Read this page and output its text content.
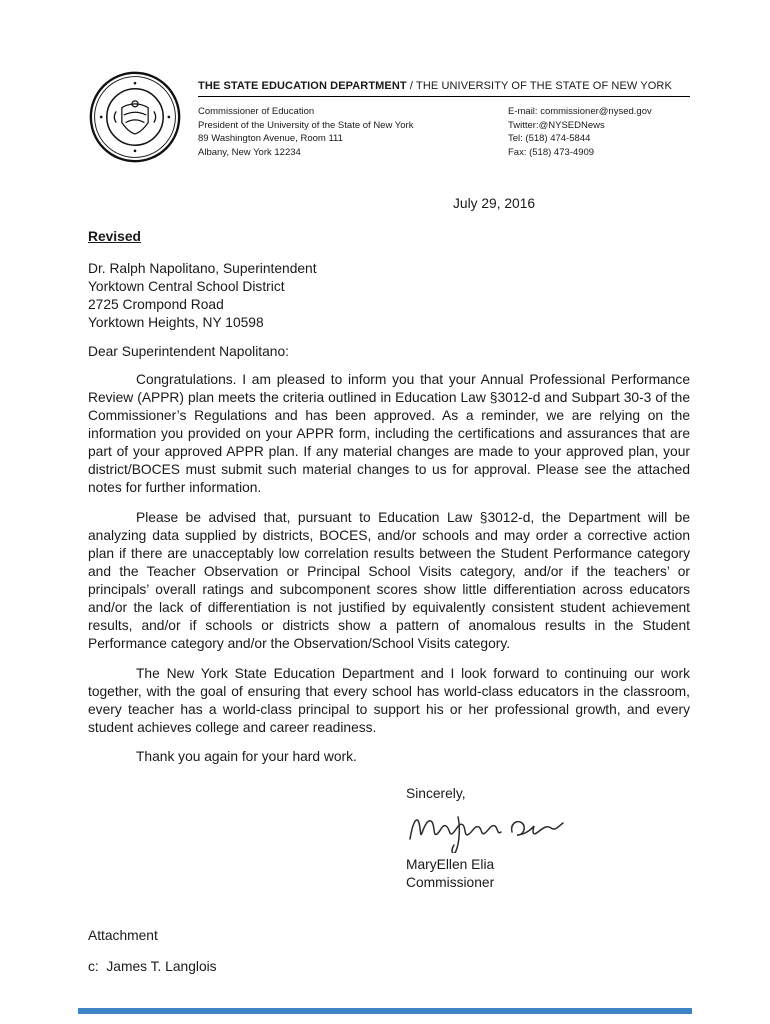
THE STATE EDUCATION DEPARTMENT / THE UNIVERSITY OF THE STATE OF NEW YORK
Commissioner of Education
President of the University of the State of New York
89 Washington Avenue, Room 111
Albany, New York 12234
E-mail: commissioner@nysed.gov
Twitter:@NYSEDNews
Tel: (518) 474-5844
Fax: (518) 473-4909
July 29, 2016
Revised
Dr. Ralph Napolitano, Superintendent
Yorktown Central School District
2725 Crompond Road
Yorktown Heights, NY 10598
Dear Superintendent Napolitano:

Congratulations. I am pleased to inform you that your Annual Professional Performance Review (APPR) plan meets the criteria outlined in Education Law §3012-d and Subpart 30-3 of the Commissioner’s Regulations and has been approved. As a reminder, we are relying on the information you provided on your APPR form, including the certifications and assurances that are part of your approved APPR plan. If any material changes are made to your approved plan, your district/BOCES must submit such material changes to us for approval. Please see the attached notes for further information.

Please be advised that, pursuant to Education Law §3012-d, the Department will be analyzing data supplied by districts, BOCES, and/or schools and may order a corrective action plan if there are unacceptably low correlation results between the Student Performance category and the Teacher Observation or Principal School Visits category, and/or if the teachers’ or principals’ overall ratings and subcomponent scores show little differentiation across educators and/or the lack of differentiation is not justified by equivalently consistent student achievement results, and/or if schools or districts show a pattern of anomalous results in the Student Performance category and/or the Observation/School Visits category.

The New York State Education Department and I look forward to continuing our work together, with the goal of ensuring that every school has world-class educators in the classroom, every teacher has a world-class principal to support his or her professional growth, and every student achieves college and career readiness.

Thank you again for your hard work.
Sincerely,
MaryEllen Elia
Commissioner
Attachment
c:  James T. Langlois
